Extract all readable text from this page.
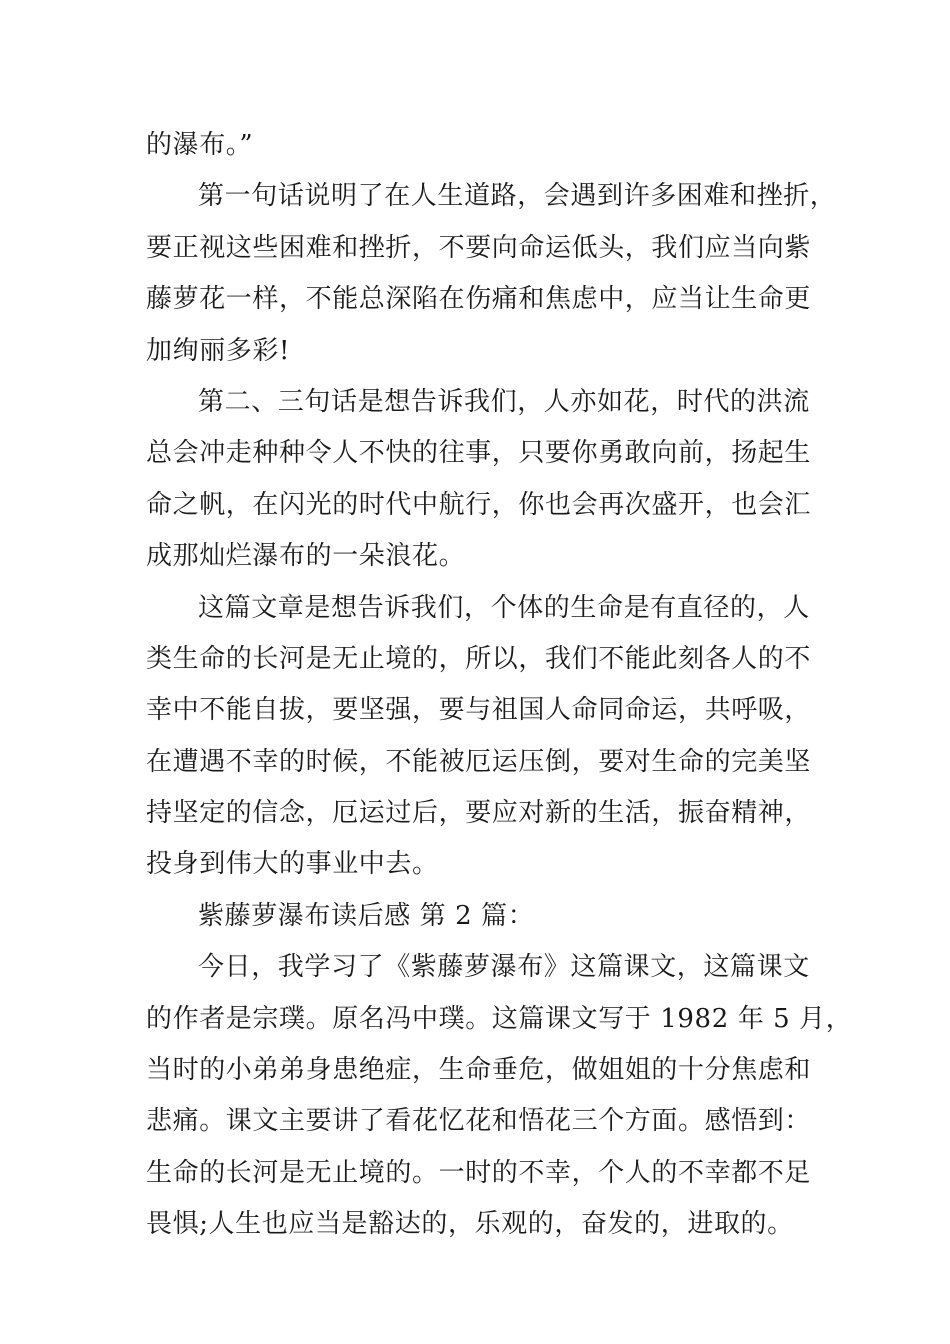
的瀑布。”
第一句话说明了在人生道路，会遇到许多困难和挫折，
要正视这些困难和挫折，不要向命运低头，我们应当向紫
藤萝花一样，不能总深陷在伤痛和焦虑中，应当让生命更
加绚丽多彩!
第二、三句话是想告诉我们，人亦如花，时代的洪流
总会冲走种种令人不快的往事，只要你勇敢向前，扬起生
命之帆，在闪光的时代中航行，你也会再次盛开，也会汇
成那灿烂瀑布的一朵浪花。
这篇文章是想告诉我们，个体的生命是有直径的，人
类生命的长河是无止境的，所以，我们不能此刻各人的不
幸中不能自拔，要坚强，要与祖国人命同命运，共呼吸，
在遭遇不幸的时候，不能被厄运压倒，要对生命的完美坚
持坚定的信念，厄运过后，要应对新的生活，振奋精神，
投身到伟大的事业中去。
紫藤萝瀑布读后感 第 2 篇：
今日，我学习了《紫藤萝瀑布》这篇课文，这篇课文
的作者是宗璞。原名冯中璞。这篇课文写于 1982 年 5 月，
当时的小弟弟身患绝症，生命垂危，做姐姐的十分焦虑和
悲痛。课文主要讲了看花忆花和悟花三个方面。感悟到：
生命的长河是无止境的。一时的不幸，个人的不幸都不足
畏惧;人生也应当是豁达的，乐观的，奋发的，进取的。
